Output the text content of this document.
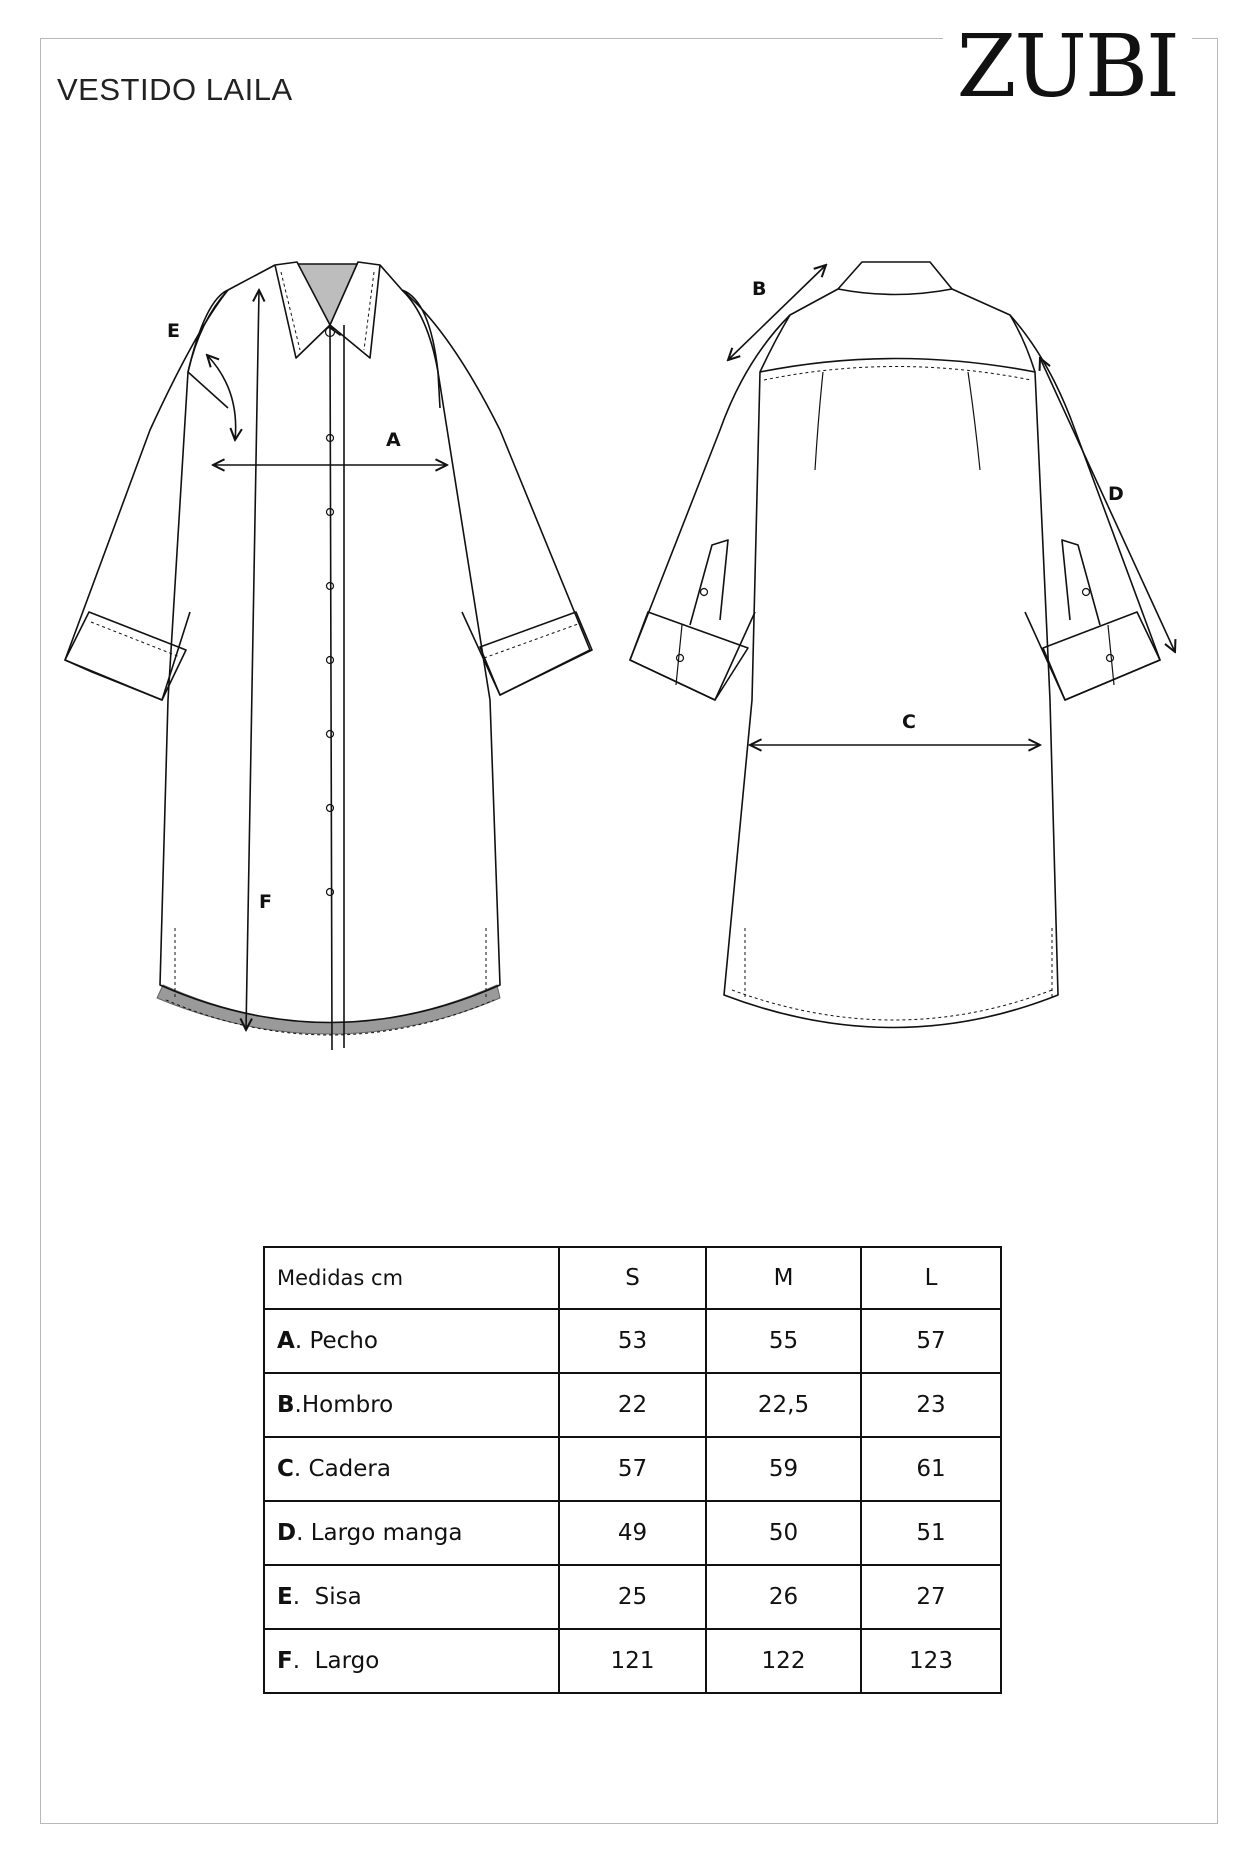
VESTIDO LAILA	ZUBI
A
E
F
B
C
D
Medidas cm	S	M	L
A. Pecho	53	55	57
B.Hombro	22	22,5	23
C. Cadera	57	59	61
D. Largo manga	49	50	51
E.  Sisa	25	26	27
F.  Largo	121	122	123
